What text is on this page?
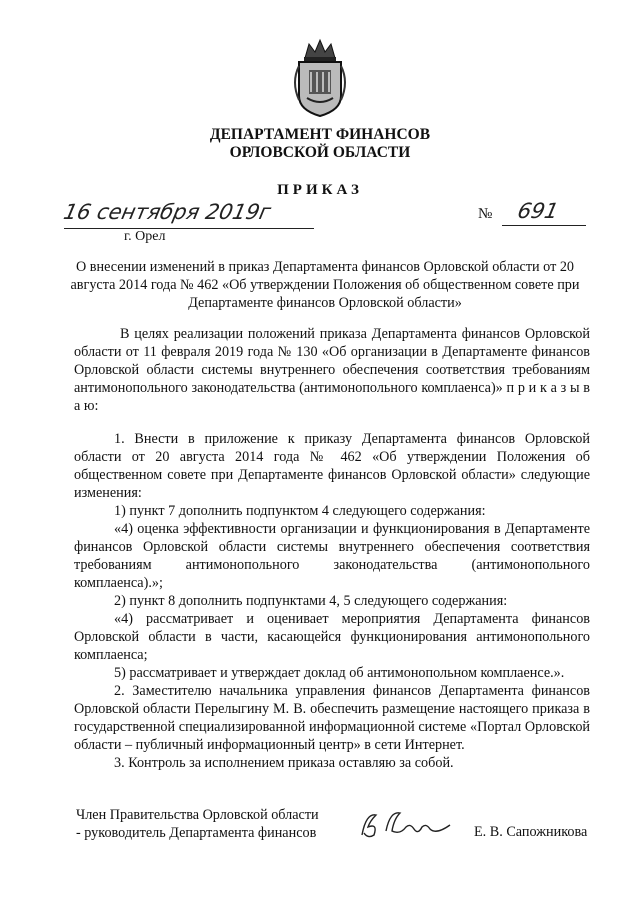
ДЕПАРТАМЕНТ ФИНАНСОВ
ОРЛОВСКОЙ ОБЛАСТИ
ПРИКАЗ
16 сентября 2019г
г. Орел
№ 691
О внесении изменений в приказ Департамента финансов Орловской области от 20 августа 2014 года № 462 «Об утверждении Положения об общественном совете при Департаменте финансов Орловской области»

В целях реализации положений приказа Департамента финансов Орловской области от 11 февраля 2019 года № 130 «Об организации в Департаменте финансов Орловской области системы внутреннего обеспечения соответствия требованиям антимонопольного законодательства (антимонопольного комплаенса)» п р и к а з ы в а ю:

1. Внести в приложение к приказу Департамента финансов Орловской области от 20 августа 2014 года № 462 «Об утверждении Положения об общественном совете при Департаменте финансов Орловской области» следующие изменения:

1) пункт 7 дополнить подпунктом 4 следующего содержания:

«4) оценка эффективности организации и функционирования в Департаменте финансов Орловской области системы внутреннего обеспечения соответствия требованиям антимонопольного законодательства (антимонопольного комплаенса).»;

2) пункт 8 дополнить подпунктами 4, 5 следующего содержания:

«4) рассматривает и оценивает мероприятия Департамента финансов Орловской области в части, касающейся функционирования антимонопольного комплаенса;

5) рассматривает и утверждает доклад об антимонопольном комплаенсе.».

2. Заместителю начальника управления финансов Департамента финансов Орловской области Перелыгину М. В. обеспечить размещение настоящего приказа в государственной специализированной информационной системе «Портал Орловской области – публичный информационный центр» в сети Интернет.

3. Контроль за исполнением приказа оставляю за собой.

Член Правительства Орловской области
- руководитель Департамента финансов	Е. В. Сапожникова
